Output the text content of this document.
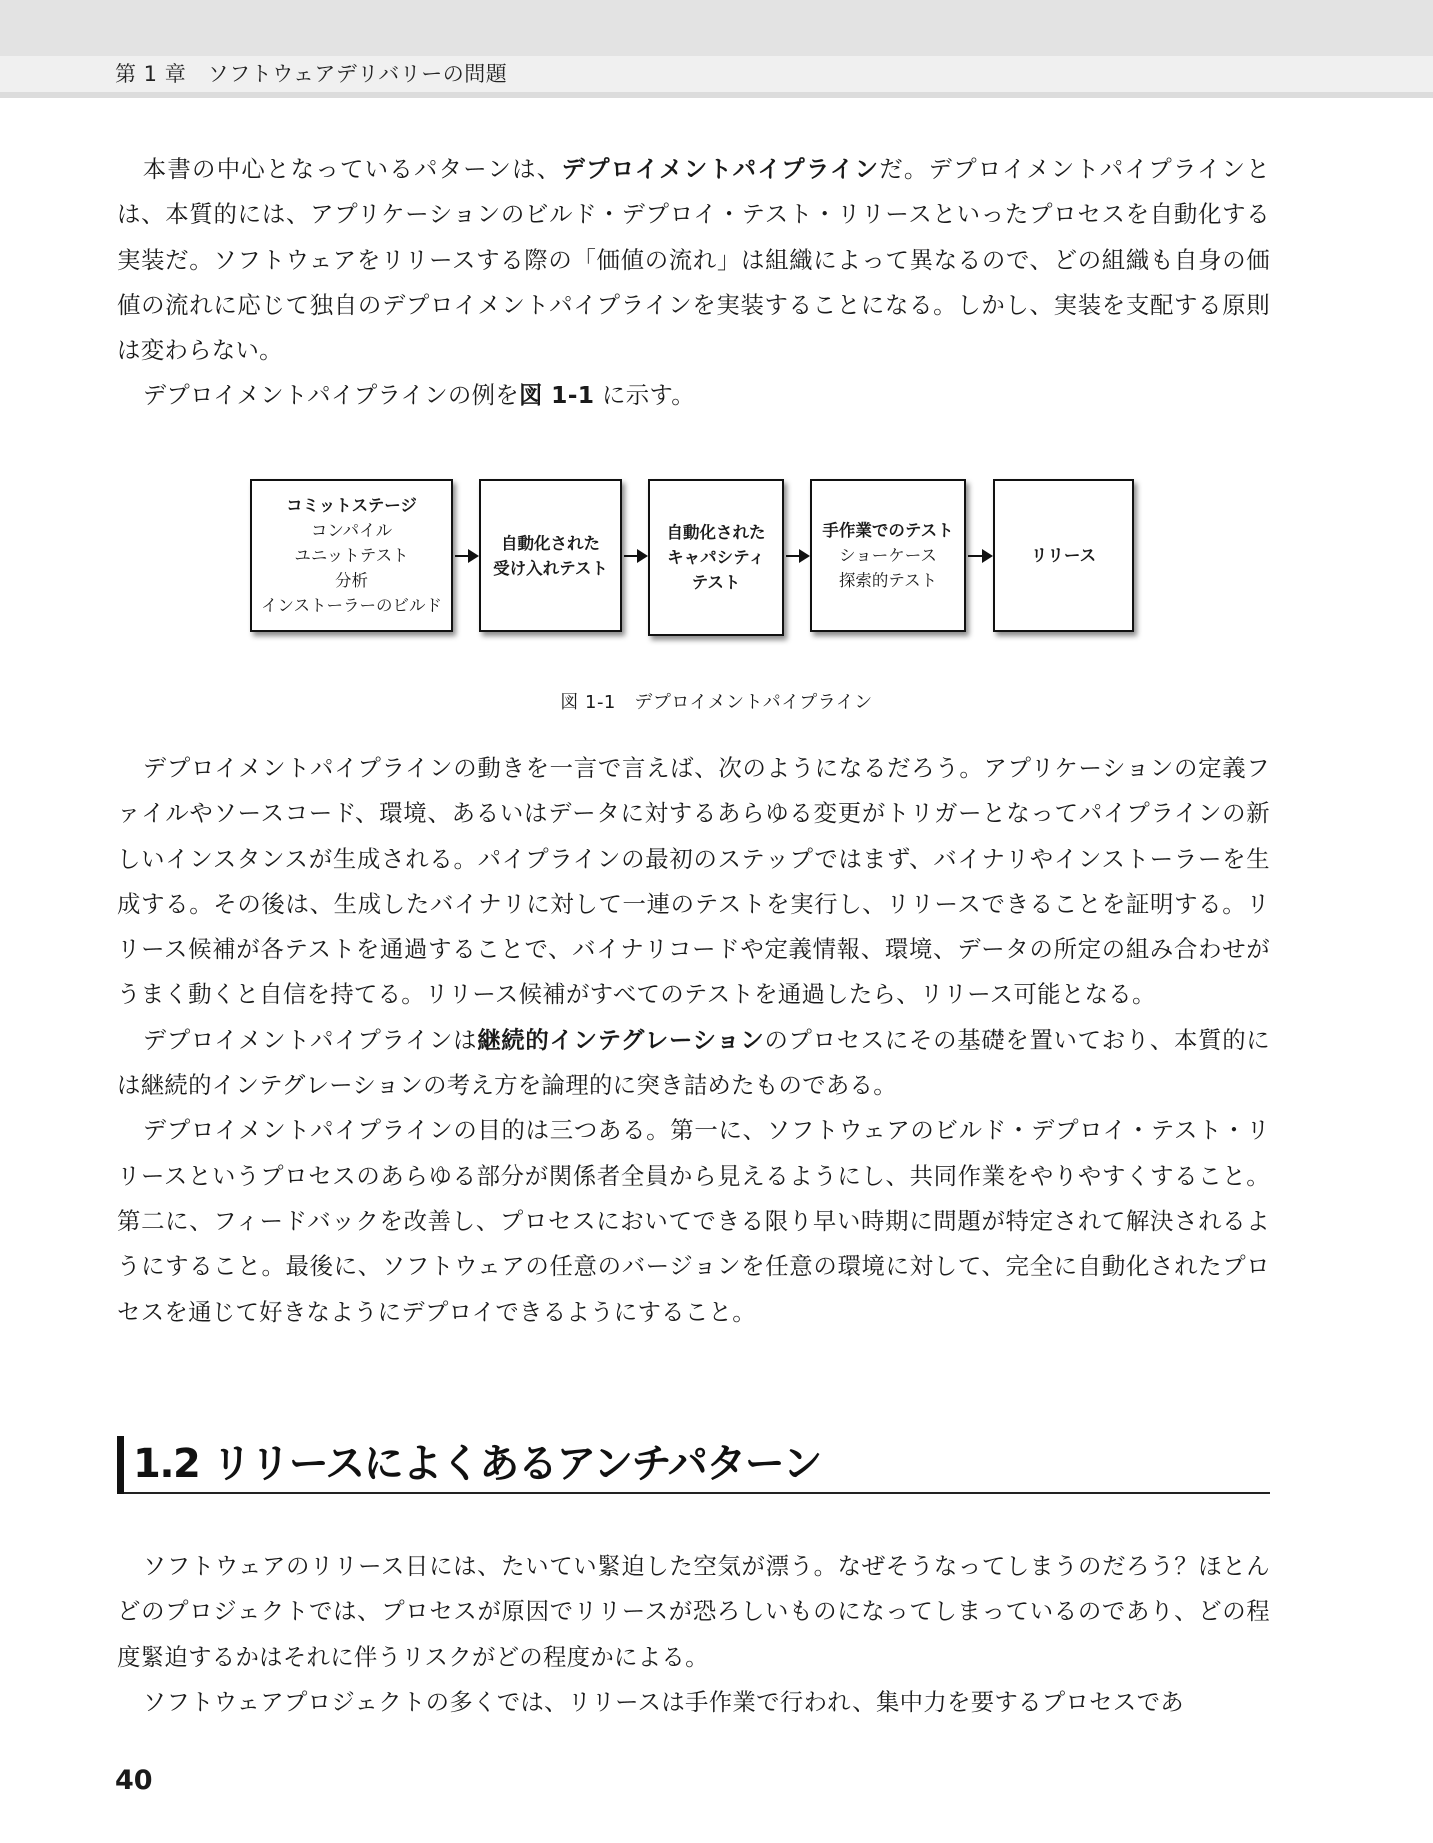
第 1 章　ソフトウェアデリバリーの問題

本書の中心となっているパターンは、デプロイメントパイプラインだ。デプロイメントパイプラインとは、本質的には、アプリケーションのビルド・デプロイ・テスト・リリースといったプロセスを自動化する実装だ。ソフトウェアをリリースする際の「価値の流れ」は組織によって異なるので、どの組織も自身の価値の流れに応じて独自のデプロイメントパイプラインを実装することになる。しかし、実装を支配する原則は変わらない。

デプロイメントパイプラインの例を図 1-1 に示す。

コミットステージ
コンパイル
ユニットテスト
分析
インストーラーのビルド
自動化された
受け入れテスト
自動化された
キャパシティ
テスト
手作業でのテスト
ショーケース
探索的テスト
リリース
図 1-1　デプロイメントパイプライン

デプロイメントパイプラインの動きを一言で言えば、次のようになるだろう。アプリケーションの定義ファイルやソースコード、環境、あるいはデータに対するあらゆる変更がトリガーとなってパイプラインの新しいインスタンスが生成される。パイプラインの最初のステップではまず、バイナリやインストーラーを生成する。その後は、生成したバイナリに対して一連のテストを実行し、リリースできることを証明する。リリース候補が各テストを通過することで、バイナリコードや定義情報、環境、データの所定の組み合わせがうまく動くと自信を持てる。リリース候補がすべてのテストを通過したら、リリース可能となる。

デプロイメントパイプラインは継続的インテグレーションのプロセスにその基礎を置いており、本質的には継続的インテグレーションの考え方を論理的に突き詰めたものである。

デプロイメントパイプラインの目的は三つある。第一に、ソフトウェアのビルド・デプロイ・テスト・リリースというプロセスのあらゆる部分が関係者全員から見えるようにし、共同作業をやりやすくすること。第二に、フィードバックを改善し、プロセスにおいてできる限り早い時期に問題が特定されて解決されるようにすること。最後に、ソフトウェアの任意のバージョンを任意の環境に対して、完全に自動化されたプロセスを通じて好きなようにデプロイできるようにすること。

1.2 リリースによくあるアンチパターン

ソフトウェアのリリース日には、たいてい緊迫した空気が漂う。なぜそうなってしまうのだろう？ほとんどのプロジェクトでは、プロセスが原因でリリースが恐ろしいものになってしまっているのであり、どの程度緊迫するかはそれに伴うリスクがどの程度かによる。

ソフトウェアプロジェクトの多くでは、リリースは手作業で行われ、集中力を要するプロセスであ

40
